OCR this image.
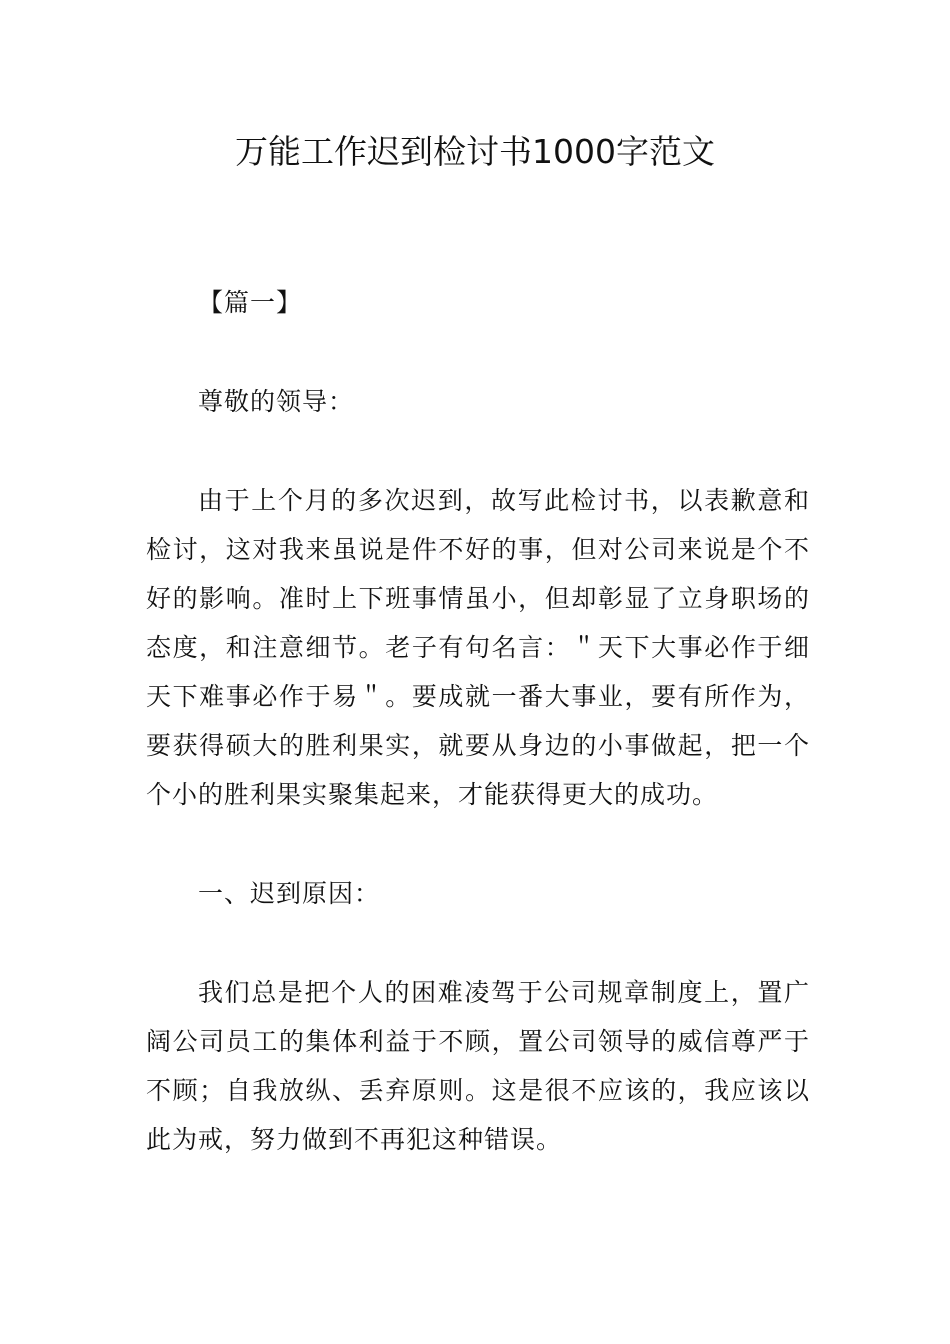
万能工作迟到检讨书1000字范文

【篇一】

尊敬的领导：

由于上个月的多次迟到，故写此检讨书，以表歉意和检讨，这对我来虽说是件不好的事，但对公司来说是个不好的影响。准时上下班事情虽小，但却彰显了立身职场的态度，和注意细节。老子有句名言：＂天下大事必作于细天下难事必作于易＂。要成就一番大事业，要有所作为，要获得硕大的胜利果实，就要从身边的小事做起，把一个个小的胜利果实聚集起来，才能获得更大的成功。

一、迟到原因：

我们总是把个人的困难凌驾于公司规章制度上，置广阔公司员工的集体利益于不顾，置公司领导的威信尊严于不顾；自我放纵、丢弃原则。这是很不应该的，我应该以此为戒，努力做到不再犯这种错误。
